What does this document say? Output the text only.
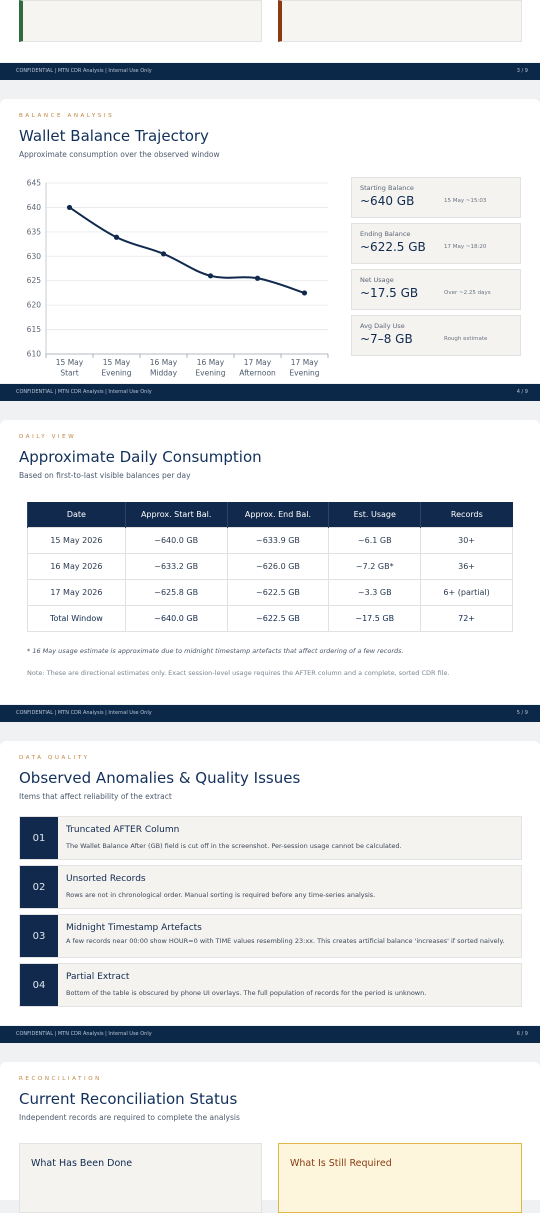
CONFIDENTIAL | MTN CDR Analysis | Internal Use Only	3 / 9
BALANCE ANALYSIS
Wallet Balance Trajectory
Approximate consumption over the observed window
645
640
635
630
625
620
615
610
15 May
Start
15 May
Evening
16 May
Midday
16 May
Evening
17 May
Afternoon
17 May
Evening
Starting Balance
~640 GB	15 May ~15:03
Ending Balance
~622.5 GB	17 May ~18:20
Net Usage
~17.5 GB	Over ~2.25 days
Avg Daily Use
~7–8 GB	Rough estimate
CONFIDENTIAL | MTN CDR Analysis | Internal Use Only	4 / 9
DAILY VIEW
Approximate Daily Consumption
Based on first-to-last visible balances per day
Date	Approx. Start Bal.	Approx. End Bal.	Est. Usage	Records
15 May 2026	~640.0 GB	~633.9 GB	~6.1 GB	30+
16 May 2026	~633.2 GB	~626.0 GB	~7.2 GB*	36+
17 May 2026	~625.8 GB	~622.5 GB	~3.3 GB	6+ (partial)
Total Window	~640.0 GB	~622.5 GB	~17.5 GB	72+
* 16 May usage estimate is approximate due to midnight timestamp artefacts that affect ordering of a few records.
Note: These are directional estimates only. Exact session-level usage requires the AFTER column and a complete, sorted CDR file.
CONFIDENTIAL | MTN CDR Analysis | Internal Use Only	5 / 9
DATA QUALITY
Observed Anomalies & Quality Issues
Items that affect reliability of the extract
01
Truncated AFTER Column
The Wallet Balance After (GB) field is cut off in the screenshot. Per-session usage cannot be calculated.
02
Unsorted Records
Rows are not in chronological order. Manual sorting is required before any time-series analysis.
03
Midnight Timestamp Artefacts
A few records near 00:00 show HOUR=0 with TIME values resembling 23:xx. This creates artificial balance 'increases' if sorted naively.
04
Partial Extract
Bottom of the table is obscured by phone UI overlays. The full population of records for the period is unknown.
CONFIDENTIAL | MTN CDR Analysis | Internal Use Only	6 / 9
RECONCILIATION
Current Reconciliation Status
Independent records are required to complete the analysis
What Has Been Done	What Is Still Required
